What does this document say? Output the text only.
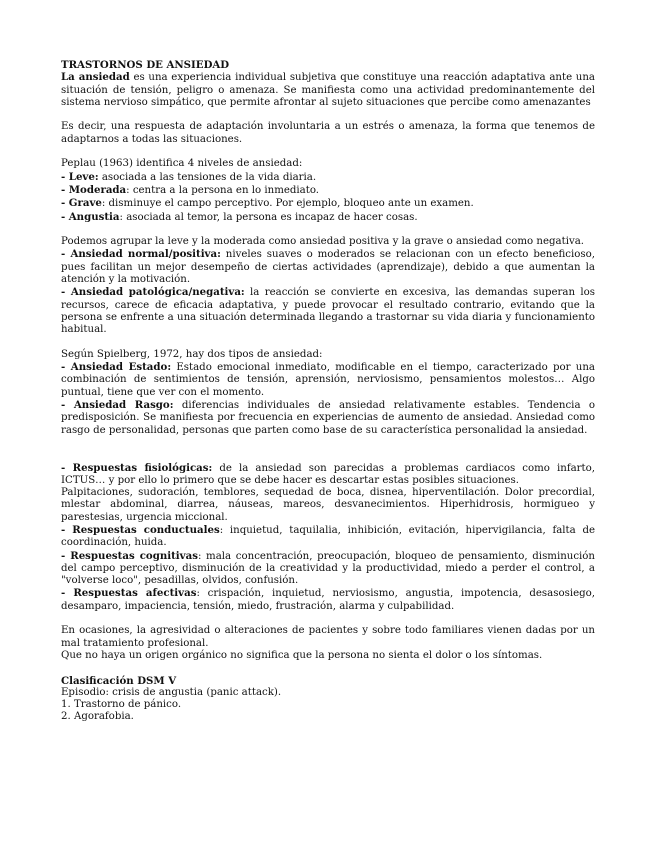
TRASTORNOS DE ANSIEDAD

La ansiedad es una experiencia individual subjetiva que constituye una reacción adaptativa ante una situación de tensión, peligro o amenaza. Se manifiesta como una actividad predominantemente del sistema nervioso simpático, que permite afrontar al sujeto situaciones que percibe como amenazantes

Es decir, una respuesta de adaptación involuntaria a un estrés o amenaza, la forma que tenemos de adaptarnos a todas las situaciones.

Peplau (1963) identifica 4 niveles de ansiedad:

- Leve: asociada a las tensiones de la vida diaria.

- Moderada: centra a la persona en lo inmediato.

- Grave: disminuye el campo perceptivo. Por ejemplo, bloqueo ante un examen.

- Angustia: asociada al temor, la persona es incapaz de hacer cosas.

Podemos agrupar la leve y la moderada como ansiedad positiva y la grave o ansiedad como negativa.

- Ansiedad normal/positiva: niveles suaves o moderados se relacionan con un efecto beneficioso, pues facilitan un mejor desempeño de ciertas actividades (aprendizaje), debido a que aumentan la atención y la motivación.

- Ansiedad patológica/negativa: la reacción se convierte en excesiva, las demandas superan los recursos, carece de eficacia adaptativa, y puede provocar el resultado contrario, evitando que la persona se enfrente a una situación determinada llegando a trastornar su vida diaria y funcionamiento habitual.

Según Spielberg, 1972, hay dos tipos de ansiedad:

- Ansiedad Estado: Estado emocional inmediato, modificable en el tiempo, caracterizado por una combinación de sentimientos de tensión, aprensión, nerviosismo, pensamientos molestos… Algo puntual, tiene que ver con el momento.

- Ansiedad Rasgo: diferencias individuales de ansiedad relativamente estables. Tendencia o predisposición. Se manifiesta por frecuencia en experiencias de aumento de ansiedad. Ansiedad como rasgo de personalidad, personas que parten como base de su característica personalidad la ansiedad.

- Respuestas fisiológicas: de la ansiedad son parecidas a problemas cardiacos como infarto, ICTUS… y por ello lo primero que se debe hacer es descartar estas posibles situaciones.

Palpitaciones, sudoración, temblores, sequedad de boca, disnea, hiperventilación. Dolor precordial, mlestar abdominal, diarrea, náuseas, mareos, desvanecimientos. Hiperhidrosis, hormigueo y parestesias, urgencia miccional.

- Respuestas conductuales: inquietud, taquilalia, inhibición, evitación, hipervigilancia, falta de coordinación, huida.

- Respuestas cognitivas: mala concentración, preocupación, bloqueo de pensamiento, disminución del campo perceptivo, disminución de la creatividad y la productividad, miedo a perder el control, a "volverse loco", pesadillas, olvidos, confusión.

- Respuestas afectivas: crispación, inquietud, nerviosismo, angustia, impotencia, desasosiego, desamparo, impaciencia, tensión, miedo, frustración, alarma y culpabilidad.

En ocasiones, la agresividad o alteraciones de pacientes y sobre todo familiares vienen dadas por un mal tratamiento profesional.

Que no haya un origen orgánico no significa que la persona no sienta el dolor o los síntomas.

Clasificación DSM V

Episodio: crisis de angustia (panic attack).

1. Trastorno de pánico.

2. Agorafobia.
